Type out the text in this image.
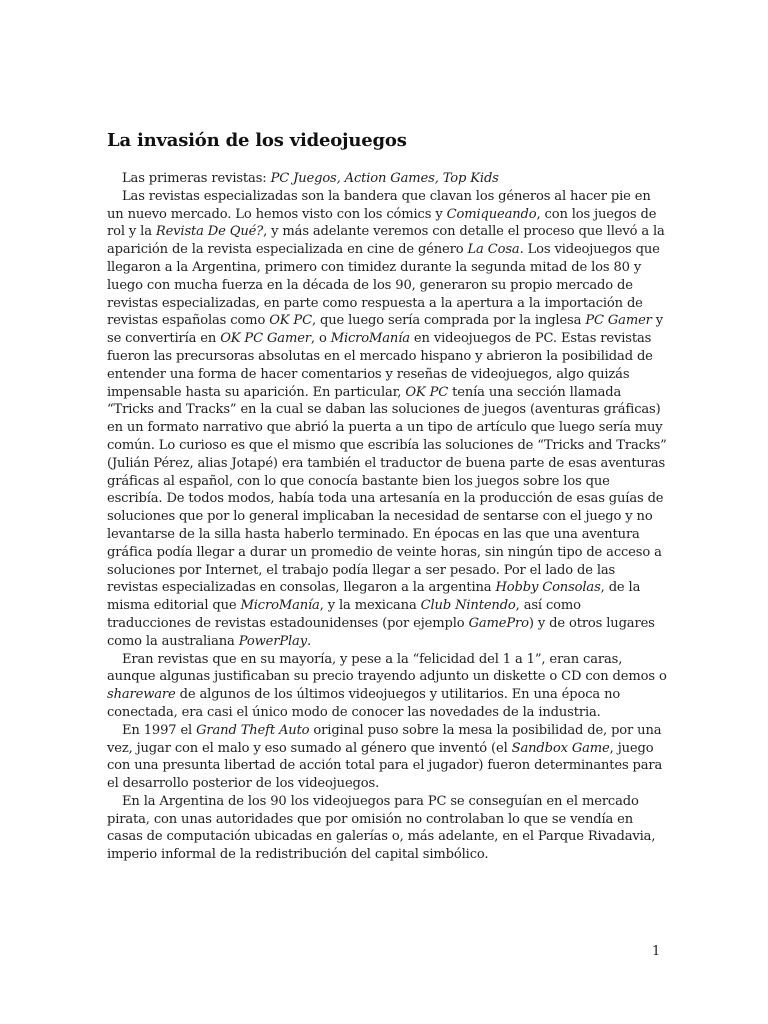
La invasión de los videojuegos

Las primeras revistas: PC Juegos, Action Games, Top Kids

Las revistas especializadas son la bandera que clavan los géneros al hacer pie en un nuevo mercado. Lo hemos visto con los cómics y Comiqueando, con los juegos de rol y la Revista De Qué?, y más adelante veremos con detalle el proceso que llevó a la aparición de la revista especializada en cine de género La Cosa. Los videojuegos que llegaron a la Argentina, primero con timidez durante la segunda mitad de los 80 y luego con mucha fuerza en la década de los 90, generaron su propio mercado de revistas especializadas, en parte como respuesta a la apertura a la importación de revistas españolas como OK PC, que luego sería comprada por la inglesa PC Gamer y se convertiría en OK PC Gamer, o MicroManía en videojuegos de PC. Estas revistas fueron las precursoras absolutas en el mercado hispano y abrieron la posibilidad de entender una forma de hacer comentarios y reseñas de videojuegos, algo quizás impensable hasta su aparición. En particular, OK PC tenía una sección llamada “Tricks and Tracks” en la cual se daban las soluciones de juegos (aventuras gráficas) en un formato narrativo que abrió la puerta a un tipo de artículo que luego sería muy común. Lo curioso es que el mismo que escribía las soluciones de “Tricks and Tracks” (Julián Pérez, alias Jotapé) era también el traductor de buena parte de esas aventuras gráficas al español, con lo que conocía bastante bien los juegos sobre los que escribía. De todos modos, había toda una artesanía en la producción de esas guías de soluciones que por lo general implicaban la necesidad de sentarse con el juego y no levantarse de la silla hasta haberlo terminado. En épocas en las que una aventura gráfica podía llegar a durar un promedio de veinte horas, sin ningún tipo de acceso a soluciones por Internet, el trabajo podía llegar a ser pesado. Por el lado de las revistas especializadas en consolas, llegaron a la argentina Hobby Consolas, de la misma editorial que MicroManía, y la mexicana Club Nintendo, así como traducciones de revistas estadounidenses (por ejemplo GamePro) y de otros lugares como la australiana PowerPlay.

Eran revistas que en su mayoría, y pese a la “felicidad del 1 a 1”, eran caras, aunque algunas justificaban su precio trayendo adjunto un diskette o CD con demos o shareware de algunos de los últimos videojuegos y utilitarios. En una época no conectada, era casi el único modo de conocer las novedades de la industria.

En 1997 el Grand Theft Auto original puso sobre la mesa la posibilidad de, por una vez, jugar con el malo y eso sumado al género que inventó (el Sandbox Game, juego con una presunta libertad de acción total para el jugador) fueron determinantes para el desarrollo posterior de los videojuegos.

En la Argentina de los 90 los videojuegos para PC se conseguían en el mercado pirata, con unas autoridades que por omisión no controlaban lo que se vendía en casas de computación ubicadas en galerías o, más adelante, en el Parque Rivadavia, imperio informal de la redistribución del capital simbólico.

1
